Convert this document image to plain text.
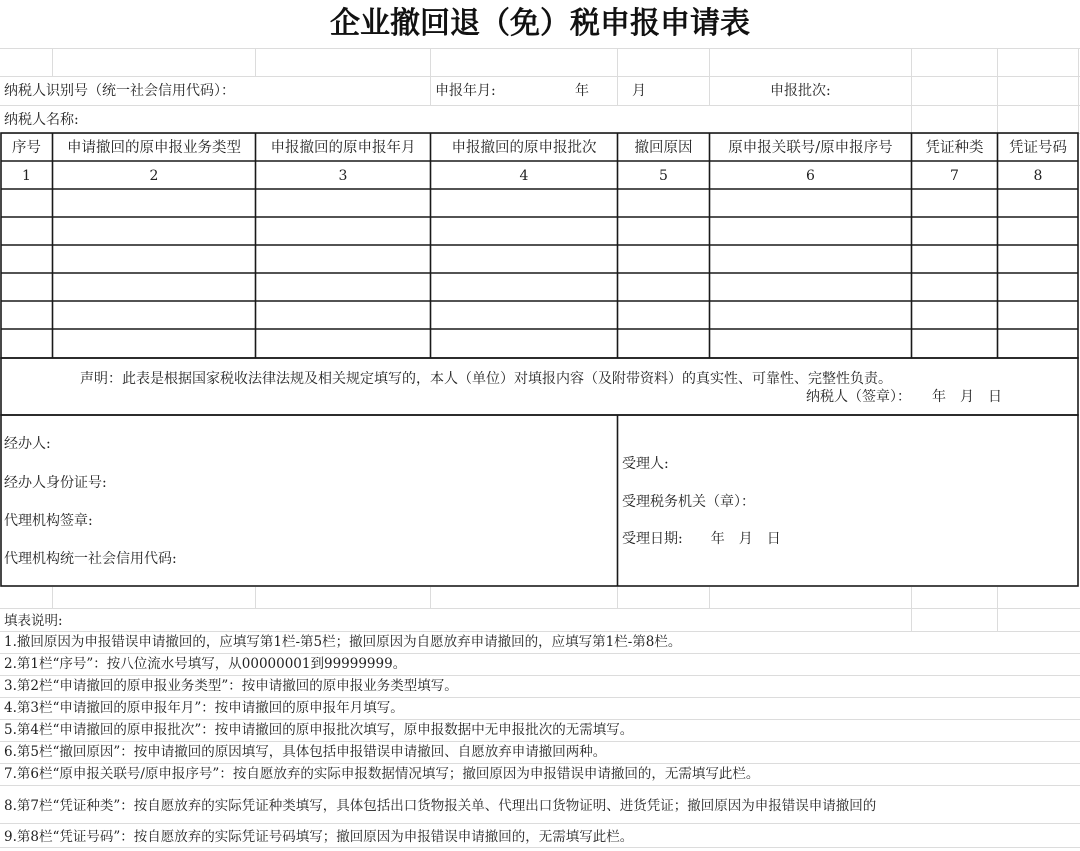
企业撤回退（免）税申报申请表
纳税人识别号（统一社会信用代码）：	申报年月:	年	月	申报批次:
纳税人名称:
序号	申请撤回的原申报业务类型	申报撤回的原申报年月	申报撤回的原申报批次	撤回原因	原申报关联号/原申报序号	凭证种类	凭证号码
1	2	3	4	5	6	7	8
声明：此表是根据国家税收法律法规及相关规定填写的，本人（单位）对填报内容（及附带资料）的真实性、可靠性、完整性负责。
纳税人（签章）：　　年　月　日
经办人:
经办人身份证号:
代理机构签章:
代理机构统一社会信用代码:
受理人:
受理税务机关（章）：
受理日期:　　年　月　日
填表说明:
1.撤回原因为申报错误申请撤回的，应填写第1栏-第5栏；撤回原因为自愿放弃申请撤回的，应填写第1栏-第8栏。
2.第1栏“序号”：按八位流水号填写，从00000001到99999999。
3.第2栏“申请撤回的原申报业务类型”：按申请撤回的原申报业务类型填写。
4.第3栏“申请撤回的原申报年月”：按申请撤回的原申报年月填写。
5.第4栏“申请撤回的原申报批次”：按申请撤回的原申报批次填写，原申报数据中无申报批次的无需填写。
6.第5栏“撤回原因”：按申请撤回的原因填写，具体包括申报错误申请撤回、自愿放弃申请撤回两种。
7.第6栏“原申报关联号/原申报序号”：按自愿放弃的实际申报数据情况填写；撤回原因为申报错误申请撤回的，无需填写此栏。
8.第7栏“凭证种类”：按自愿放弃的实际凭证种类填写，具体包括出口货物报关单、代理出口货物证明、进货凭证；撤回原因为申报错误申请撤回的
9.第8栏“凭证号码”：按自愿放弃的实际凭证号码填写；撤回原因为申报错误申请撤回的，无需填写此栏。
